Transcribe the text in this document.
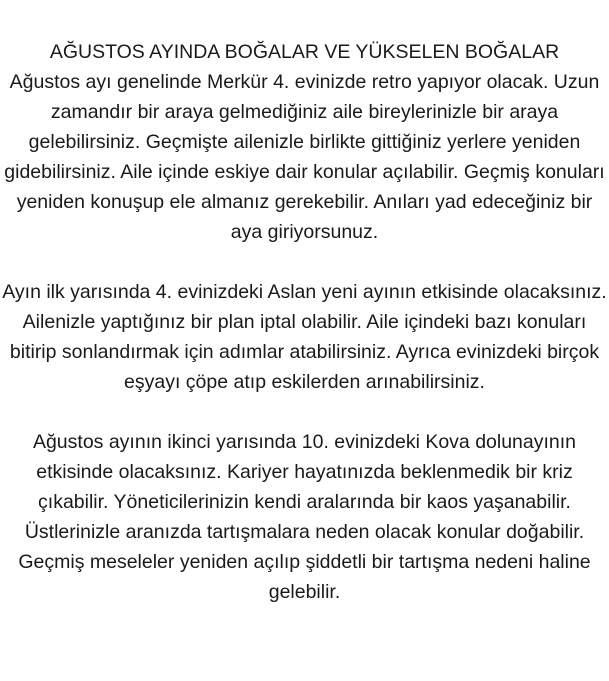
AĞUSTOS AYINDA BOĞALAR VE YÜKSELEN BOĞALAR

Ağustos ayı genelinde Merkür 4. evinizde retro yapıyor olacak. Uzun zamandır bir araya gelmediğiniz aile bireylerinizle bir araya gelebilirsiniz. Geçmişte ailenizle birlikte gittiğiniz yerlere yeniden gidebilirsiniz. Aile içinde eskiye dair konular açılabilir. Geçmiş konuları yeniden konuşup ele almanız gerekebilir. Anıları yad edeceğiniz bir aya giriyorsunuz.

Ayın ilk yarısında 4. evinizdeki Aslan yeni ayının etkisinde olacaksınız. Ailenizle yaptığınız bir plan iptal olabilir. Aile içindeki bazı konuları bitirip sonlandırmak için adımlar atabilirsiniz. Ayrıca evinizdeki birçok eşyayı çöpe atıp eskilerden arınabilirsiniz.

Ağustos ayının ikinci yarısında 10. evinizdeki Kova dolunayının etkisinde olacaksınız. Kariyer hayatınızda beklenmedik bir kriz çıkabilir. Yöneticilerinizin kendi aralarında bir kaos yaşanabilir. Üstlerinizle aranızda tartışmalara neden olacak konular doğabilir. Geçmiş meseleler yeniden açılıp şiddetli bir tartışma nedeni haline gelebilir.
